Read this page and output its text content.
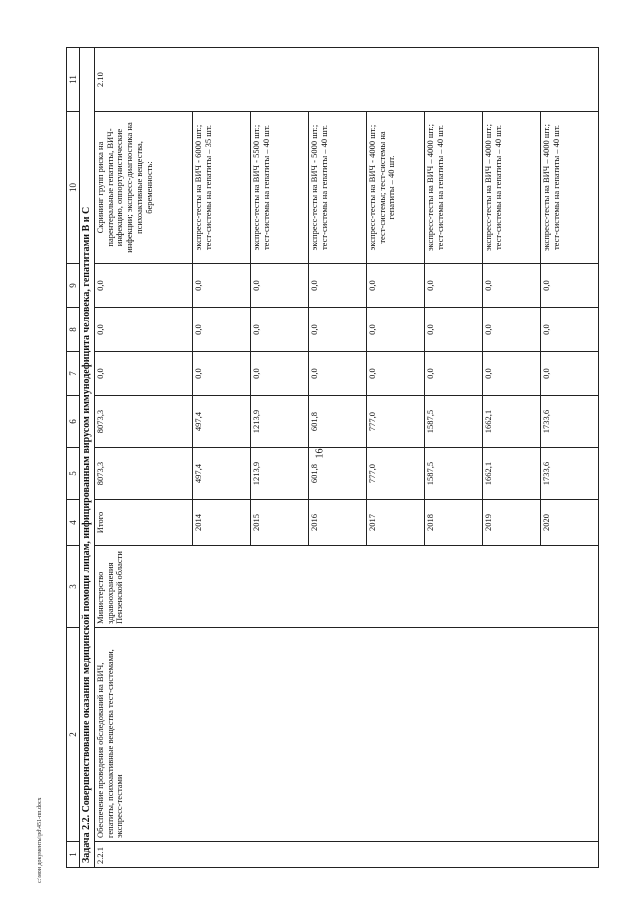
16
c:\мои документы\pd\451-пп.docx	1	2	3	4	5	6	7	8	9	10	11
Задача 2.2. Совершенствование оказания медицинской помощи лицам, инфицированным вирусом иммунодефицита человека, гепатитами В и С										
2.2.1	Обеспечение проведения обследований на ВИЧ, гепатиты, психоактивные вещества тест-системами, экспресс-тестами	Министерство здравоохранения Пензенской области	Итого	8073,3	8073,3	0,0	0,0	0,0	Скрининг групп риска на парентеральные гепатиты, ВИЧ-инфекцию, оппортунистические инфекции; экспресс-диагностика на психоактивные вещества, беременность:	2.10
			2014	497,4	497,4	0,0	0,0	0,0	экспресс-тесты на ВИЧ - 6000 шт.; тест-системы на гепатиты – 35 шт.	
			2015	1213,9	1213,9	0,0	0,0	0,0	экспресс-тесты на ВИЧ - 5500 шт.; тест-системы на гепатиты – 40 шт.	
			2016	601,8	601,8	0,0	0,0	0,0	экспресс-тесты на ВИЧ - 5000 шт.; тест-системы на гепатиты – 40 шт.	
			2017	777,0	777,0	0,0	0,0	0,0	экспресс-тесты на ВИЧ - 4000 шт.; тест-системы; тест-системы на гепатиты – 40 шт.	
			2018	1587,5	1587,5	0,0	0,0	0,0	экспресс-тесты на ВИЧ – 4000 шт.; тест-системы на гепатиты – 40 шт.	
			2019	1662,1	1662,1	0,0	0,0	0,0	экспресс-тесты на ВИЧ – 4000 шт.; тест-системы на гепатиты – 40 шт.	
			2020	1733,6	1733,6	0,0	0,0	0,0	экспресс-тесты на ВИЧ – 4000 шт.; тест-системы на гепатиты – 40 шт.	
